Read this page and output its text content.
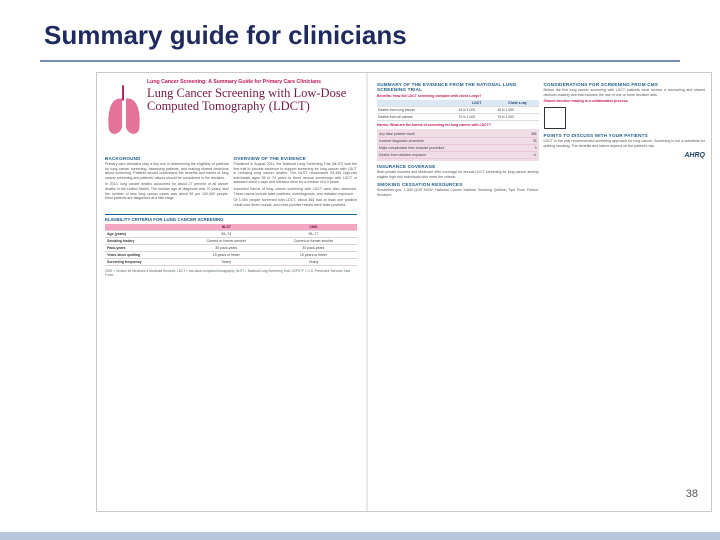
Summary guide for clinicians
Lung Cancer Screening: A Summary Guide for Primary Care Clinicians
Lung Cancer Screening with Low-Dose Computed Tomography (LDCT)
BACKGROUND
Primary care clinicians play a key role in determining the eligibility of patients for lung cancer screening, assessing patients, and making shared decisions about screening. Patients should understand the benefits and harms of lung cancer screening and patients' values should be considered in the decision.
In 2013, lung cancer deaths accounted for about 27 percent of all cancer deaths in the United States. The median age at diagnosis was 70 years, and the number of new lung cancer cases was about 59 per 100,000 people. Most patients are diagnosed at a late stage.
OVERVIEW OF THE EVIDENCE
Published in August 2011, the National Lung Screening Trial (NLST) was the first trial to provide evidence to support screening for lung cancer with LDCT in reducing lung cancer deaths. The NLST randomized 53,454 high-risk individuals ages 55 to 74 years to three annual screenings with LDCT or standard chest x-rays and followed them for a median of 6.5 years.
Important harms of lung cancer screening with LDCT were also observed. These harms include false positives, overdiagnosis, and radiation exposure.
Of 1,000 people screened with LDCT, about 365 had at least one positive result over three rounds, and most positive results were false positives.
ELIGIBILITY CRITERIA FOR LUNG CANCER SCREENING
	NLST	CMS
Age (years)	55–74	55–77
Smoking history	Current or former smoker	Current or former smoker
Pack-years	30 pack-years	30 pack-years
Years since quitting	15 years or fewer	15 years or fewer
Screening frequency	Yearly	Yearly
CMS = Centers for Medicare & Medicaid Services; LDCT = low-dose computed tomography; NLST = National Lung Screening Trial; USPSTF = U.S. Preventive Services Task Force.
SUMMARY OF THE EVIDENCE FROM THE NATIONAL LUNG SCREENING TRIAL
Benefits: How did LDCT screening compare with chest x-rays?
	LDCT	Chest x-ray
Deaths from lung cancer	15 in 1,000	18 in 1,000
Deaths from all causes	70 in 1,000	75 in 1,000
Harms: What are the harms of screening for lung cancer with LDCT?
Any false positive result	365
Invasive diagnostic procedure	25
Major complication from invasive procedure	3
Deaths from radiation exposure	<1
INSURANCE COVERAGE
Both private insurers and Medicare offer coverage for annual LDCT screening for lung cancer among eligible high-risk individuals who meet the criteria.
SMOKING CESSATION RESOURCES
Smokefree.gov; 1-800-QUIT-NOW; National Cancer Institute Smoking Quitline; Tips From Former Smokers.
CONSIDERATIONS FOR SCREENING FROM CMS
Before the first lung cancer screening with LDCT, patients must receive a counseling and shared decision-making visit that includes the use of one or more decision aids.
Shared decision making is a collaborative process.
POINTS TO DISCUSS WITH YOUR PATIENTS
LDCT is the only recommended screening approach for lung cancer. Screening is not a substitute for quitting smoking. The benefits and harms depend on the patient's risk.
AHRQ
38
